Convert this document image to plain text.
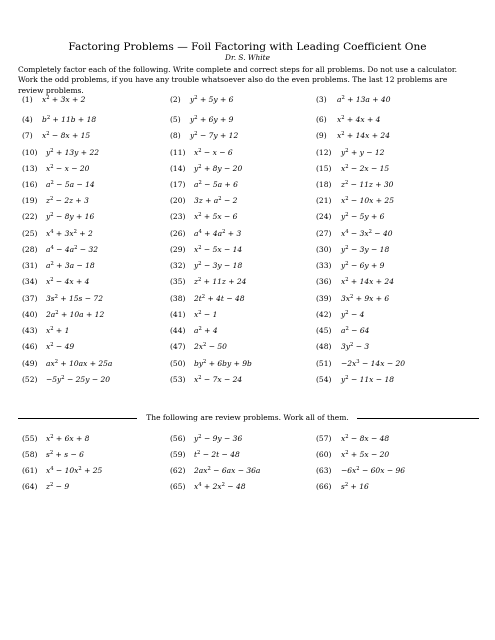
Factoring Problems — Foil Factoring with Leading Coefficient One
Dr. S. White
Completely factor each of the following. Write complete and correct steps for all problems. Do not use a calculator.
Work the odd problems, if you have any trouble whatsoever also do the even problems. The last 12 problems are
review problems.
(1) $x^2 + 3x + 2$	(2) $y^2 + 5y + 6$	(3) $a^2 + 13a + 40$
(4) $b^2 + 11b + 18$	(5) $y^2 + 6y + 9$	(6) $x^2 + 4x + 4$
(7) $x^2 - 8x + 15$	(8) $y^2 - 7y + 12$	(9) $x^2 + 14x + 24$
(10) $y^2 + 13y + 22$	(11) $x^2 - x - 6$	(12) $y^2 + y - 12$
(13) $x^2 - x - 20$	(14) $y^2 + 8y - 20$	(15) $x^2 - 2x - 15$
(16) $a^2 - 5a - 14$	(17) $a^2 - 5a + 6$	(18) $z^2 - 11z + 30$
(19) $z^2 - 2z + 3$	(20) $3z + a^2 - 2$	(21) $x^2 - 10x + 25$
(22) $y^2 - 8y + 16$	(23) $x^2 + 5x - 6$	(24) $y^2 - 5y + 6$
(25) $x^4 + 3x^2 + 2$	(26) $a^4 + 4a^2 + 3$	(27) $x^4 - 3x^2 - 40$
(28) $a^4 - 4a^2 - 32$	(29) $x^2 - 5x - 14$	(30) $y^2 - 3y - 18$
(31) $a^2 + 3a - 18$	(32) $y^2 - 3y - 18$	(33) $y^2 - 6y + 9$
(34) $x^2 - 4x + 4$	(35) $z^2 + 11z + 24$	(36) $x^2 + 14x + 24$
(37) $3s^2 + 15s - 72$	(38) $2t^2 + 4t - 48$	(39) $3x^2 + 9x + 6$
(40) $2a^2 + 10a + 12$	(41) $x^2 - 1$	(42) $y^2 - 4$
(43) $x^2 + 1$	(44) $a^2 + 4$	(45) $a^2 - 64$
(46) $x^2 - 49$	(47) $2x^2 - 50$	(48) $3y^2 - 3$
(49) $ax^2 + 10ax + 25a$	(50) $by^2 + 6by + 9b$	$(51) -2x^3 - 14x - 20$
$(52) -5y^2 - 25y - 20$	(53) $x^2 - 7x - 24$	(54) $y^2 - 11x - 18$
(55) $x^2 + 6x + 8$	(56) $y^2 - 9y - 36$	(57) $x^2 - 8x - 48$
(58) $s^2 + s - 6$	(59) $t^2 - 2t - 48$	(60) $x^2 + 5x - 20$
(61) $x^4 - 10x^2 + 25$	(62) $2ax^2 - 6ax - 36a$	$(63) -6x^2 - 60x - 96$
(64) $z^2 - 9$	(65) $x^4 + 2x^2 - 48$	(66) $s^2 + 16$
The following are review problems. Work all of them.
